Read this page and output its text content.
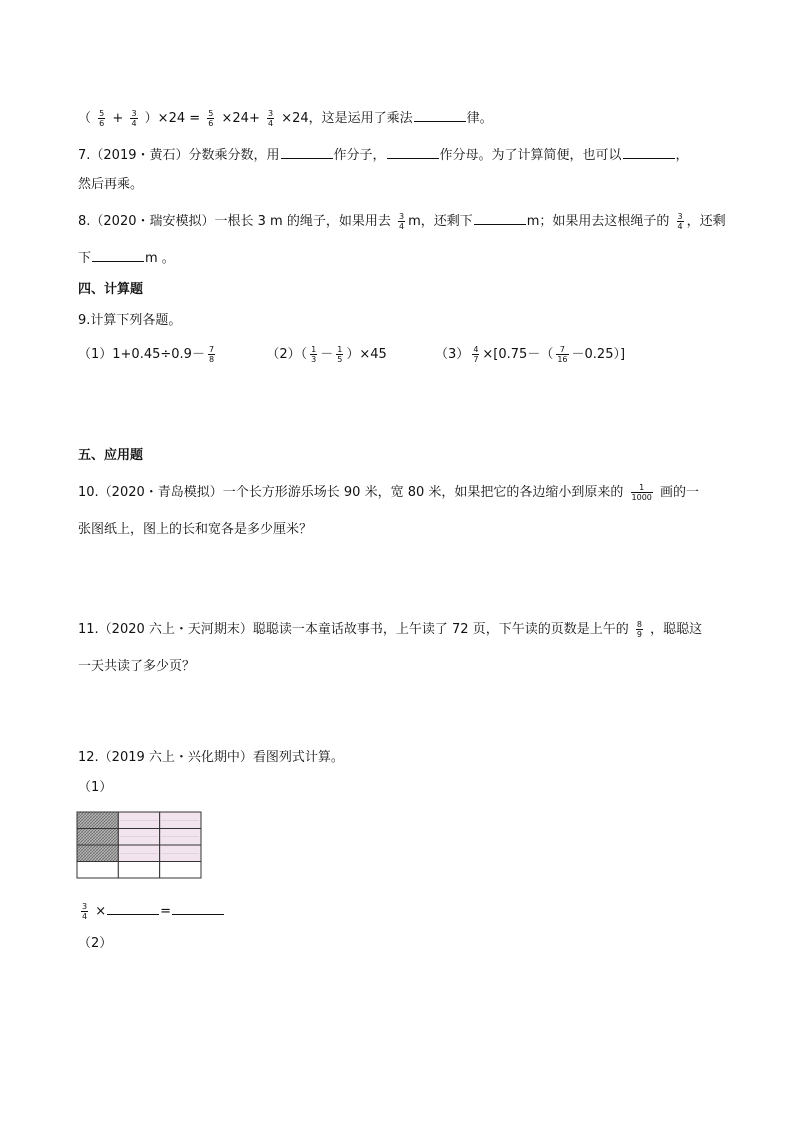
（ $\frac{5}{6} + \frac{3}{4} )\times 24 = \frac{5}{6} \times 24+ \frac{3}{4} \times 24$，这是运用了乘法	律。
7.（2019・黄石）分数乘分数，用	作分子，	作分母。为了计算简便，也可以	，
然后再乘。
8.（2020・瑞安模拟）一根长 3 m 的绳子，如果用去 $\frac{3}{4}$ m，还剩下	m；如果用去这根绳子的 $\frac{3}{4}$ ，还剩
下	m 。
四、计算题
9.计算下列各题。
$(1)1+0.45\div 0.9- \frac{7}{8}$	$(2)( \frac{1}{3} - \frac{1}{5} )\times 45$	$(3) \frac{4}{7} \times[0.75-( \frac{7}{16} -0.25)]$
五、应用题
10.（2020・青岛模拟）一个长方形游乐场长 90 米，宽 80 米，如果把它的各边缩小到原来的 $\frac{1}{1000}$ 画的一
张图纸上，图上的长和宽各是多少厘米？
11.（2020 六上・天河期末）聪聪读一本童话故事书，上午读了 72 页，下午读的页数是上午的 $\frac{8}{9}$ ，聪聪这
一天共读了多少页？
12.（2019 六上・兴化期中）看图列式计算。
（1）
$\frac{3}{4}$ ×	=
（2）
